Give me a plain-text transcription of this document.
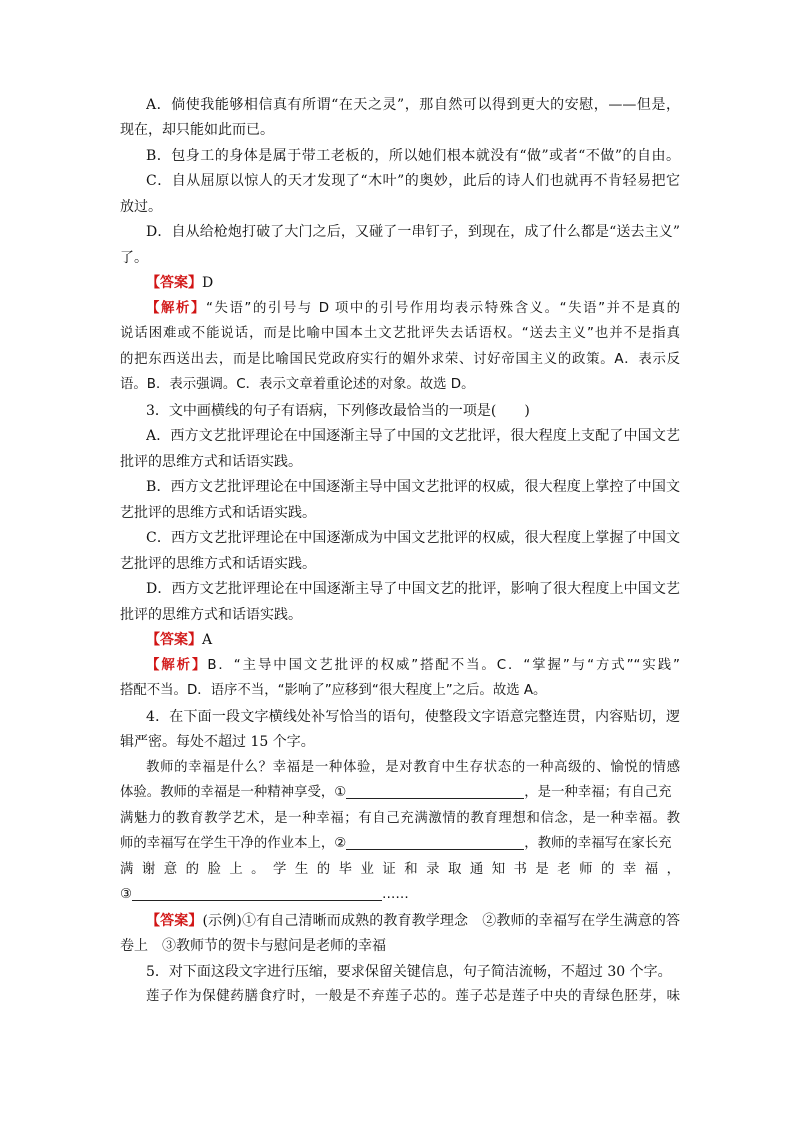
A．倘使我能够相信真有所谓“在天之灵”，那自然可以得到更大的安慰，——但是，
现在，却只能如此而已。
B．包身工的身体是属于带工老板的，所以她们根本就没有“做”或者“不做”的自由。
C．自从屈原以惊人的天才发现了“木叶”的奥妙，此后的诗人们也就再不肯轻易把它
放过。
D．自从给枪炮打破了大门之后，又碰了一串钉子，到现在，成了什么都是“送去主义”
了。
【答案】D
【解析】“失语”的引号与 D 项中的引号作用均表示特殊含义。“失语”并不是真的
说话困难或不能说话，而是比喻中国本土文艺批评失去话语权。“送去主义”也并不是指真
的把东西送出去，而是比喻国民党政府实行的媚外求荣、讨好帝国主义的政策。A．表示反
语。B．表示强调。C．表示文章着重论述的对象。故选 D。
3．文中画横线的句子有语病，下列修改最恰当的一项是(　　)
A．西方文艺批评理论在中国逐渐主导了中国的文艺批评，很大程度上支配了中国文艺
批评的思维方式和话语实践。
B．西方文艺批评理论在中国逐渐主导中国文艺批评的权威，很大程度上掌控了中国文
艺批评的思维方式和话语实践。
C．西方文艺批评理论在中国逐渐成为中国文艺批评的权威，很大程度上掌握了中国文
艺批评的思维方式和话语实践。
D．西方文艺批评理论在中国逐渐主导了中国文艺的批评，影响了很大程度上中国文艺
批评的思维方式和话语实践。
【答案】A
【解析】B．“主导中国文艺批评的权威”搭配不当。C．“掌握”与“方式”“实践”
搭配不当。D．语序不当，“影响了”应移到“很大程度上”之后。故选 A。
4．在下面一段文字横线处补写恰当的语句，使整段文字语意完整连贯，内容贴切，逻
辑严密。每处不超过 15 个字。
教师的幸福是什么？幸福是一种体验，是对教育中生存状态的一种高级的、愉悦的情感
体验。教师的幸福是一种精神享受，①	，是一种幸福；有自己充
满魅力的教育教学艺术，是一种幸福；有自己充满激情的教育理想和信念，是一种幸福。教
师的幸福写在学生干净的作业本上，②	，教师的幸福写在家长充
满谢意的脸上。学生的毕业证和录取通知书是老师的幸福，
③	……
【答案】(示例)①有自己清晰而成熟的教育教学理念　②教师的幸福写在学生满意的答
卷上　③教师节的贺卡与慰问是老师的幸福
5．对下面这段文字进行压缩，要求保留关键信息，句子简洁流畅，不超过 30 个字。
莲子作为保健药膳食疗时，一般是不弃莲子芯的。莲子芯是莲子中央的青绿色胚芽，味
